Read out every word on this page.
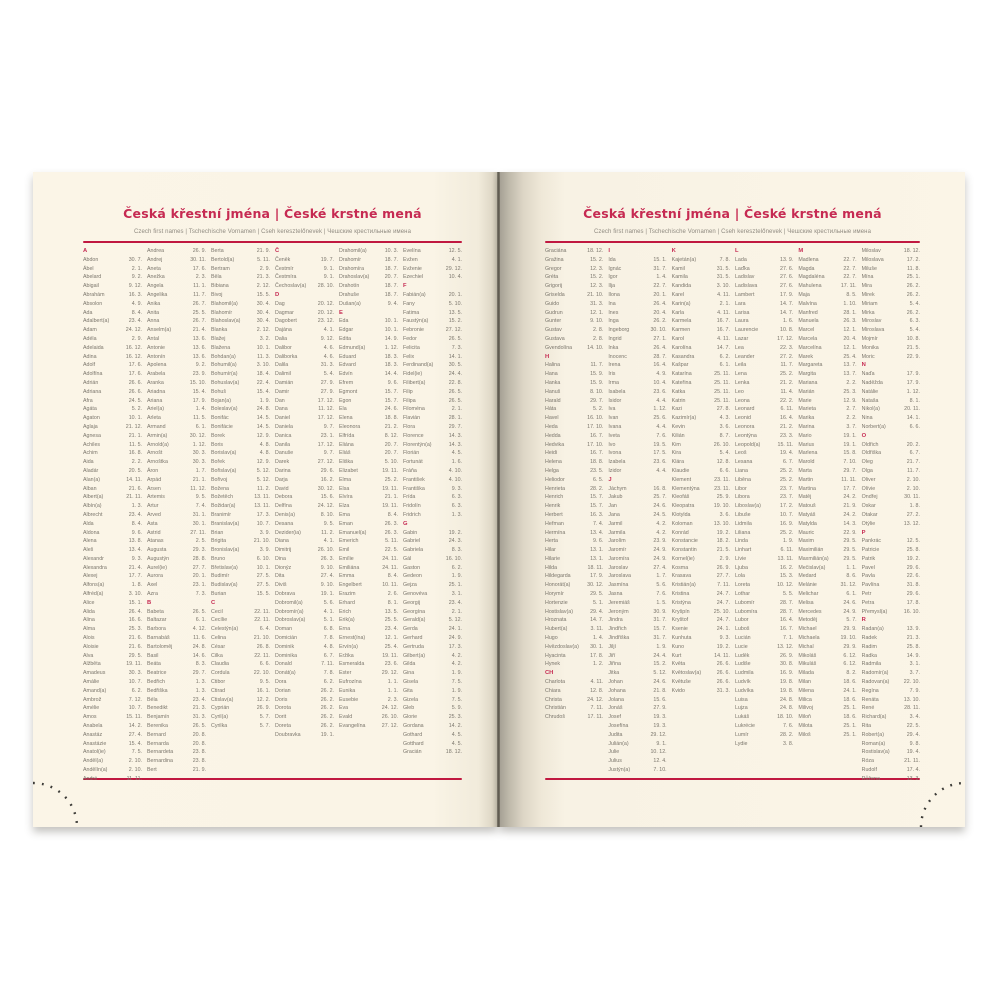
Česká křestní jména | České krstné mená
Czech first names | Tschechische Vornamen | Cseh keresztelőnevek | Чешские крестильные имена
A
Abdon	30. 7.
Ábel	2. 1.
Abelard	9. 2.
Abigail	9. 12.
Abrahám	16. 3.
Absolon	4. 9.
Ada	8. 4.
Adalbert(a)	23. 4.
Adam	24. 12.
Adéla	2. 9.
Adelaida	16. 12.
Adina	16. 12.
Adolf	17. 6.
Adolfína	17. 6.
Adrián	26. 6.
Adriana	26. 6.
Afra	24. 5.
Agáta	5. 2.
Agaton	10. 1.
Aglaja	21. 12.
Agnesa	21. 1.
Achiles	11. 5.
Achim	16. 8.
Aida	2. 2.
Aladár	20. 5.
Alan(a)	14. 11.
Alban	21. 6.
Albert(a)	21. 11.
Albín(a)	1. 3.
Albrecht	23. 4.
Alda	8. 4.
Aldona	9. 6.
Alena	13. 8.
Aleš	13. 4.
Alexandr	9. 3.
Alexandra	21. 4.
Alexej	17. 7.
Alfons(a)	1. 8.
Alfréd(a)	3. 10.
Alice	15. 1.
Alida	26. 4.
Alina	16. 6.
Alma	25. 3.
Alois	21. 6.
Aloisie	21. 6.
Alva	29. 5.
Alžběta	19. 11.
Amadeus	30. 3.
Amálie	10. 7.
Amand(a)	6. 2.
Ambrož	7. 12.
Amélie	10. 7.
Amos	15. 11.
Anabela	14. 2.
Anastáz	27. 4.
Anastázie	15. 4.
Anatol(ie)	7. 5.
Anděl(a)	2. 10.
Andělín(a)	2. 10.
André	11. 11.
Andrea	26. 9.
Andrej	30. 11.
Aneta	17. 6.
Anežka	2. 3.
Angela	11. 1.
Angelika	11. 7.
Anika	26. 7.
Anita	25. 5.
Anna	26. 7.
Anselm(a)	21. 4.
Antal	13. 6.
Antonie	13. 6.
Antonín	13. 6.
Apolena	9. 2.
Arabela	23. 9.
Aranka	15. 10.
Ariadna	15. 4.
Ariana	17. 9.
Ariel(a)	1. 4.
Arleta	11. 5.
Armand	6. 1.
Armin(a)	30. 12.
Arnold(a)	1. 12.
Arnošt	30. 3.
Arnoštka	30. 3.
Áron	1. 7.
Arpád	21. 1.
Arsen	11. 12.
Artemis	9. 5.
Artur	7. 4.
Arved	31. 1.
Asta	30. 1.
Astrid	27. 11.
Atanas	2. 5.
Augusta	29. 3.
Augustýn	28. 8.
Aurel(ie)	27. 7.
Aurora	20. 1.
Axel	23. 1.
Azra	7. 3.
B
Babeta	26. 5.
Baltazar	6. 1.
Barbora	4. 12.
Barnabáš	11. 6.
Bartoloměj	24. 8.
Basil	14. 6.
Beáta	8. 3.
Beatrice	29. 7.
Bedřich	1. 3.
Bedřiška	1. 3.
Béla	23. 4.
Benedikt	21. 3.
Benjamín	31. 3.
Berenika	26. 5.
Bernard	20. 8.
Bernarda	20. 8.
Bernardeta	23. 8.
Bernardina	23. 8.
Bert	21. 9.
Berta	21. 9.
Bertold(a)	5. 11.
Bertram	2. 9.
Běla	21. 3.
Bibiana	2. 12.
Bivoj	15. 5.
Blahomil(a)	30. 4.
Blahomír	30. 4.
Blahoslav(a)	30. 4.
Blanka	2. 12.
Blažej	3. 2.
Blažena	10. 1.
Bohdan(a)	11. 3.
Bohumil(a)	3. 10.
Bohumír(a)	18. 4.
Bohuslav(a)	22. 4.
Bohuš	15. 4.
Bojan(a)	1. 9.
Boleslav(a)	24. 8.
Bonifác	14. 5.
Bonifácie	14. 5.
Borek	12. 9.
Boris	4. 8.
Borislav(a)	4. 8.
Bořek	12. 9.
Bořislav(a)	5. 12.
Bořivoj	5. 12.
Božena	11. 2.
Božetěch	13. 11.
Božidar(a)	13. 11.
Branimír	17. 3.
Branislav(a)	10. 7.
Brian	3. 9.
Brigita	21. 10.
Bronislav(a)	3. 9.
Bruno	6. 10.
Břetislav(a)	10. 1.
Budimír	27. 5.
Budislav(a)	27. 5.
Burian	15. 5.
C
Cecil	22. 11.
Cecílie	22. 11.
Celestýn(a)	6. 4.
Celina	21. 10.
César	26. 8.
Cilka	22. 11.
Claudia	6. 6.
Cordula	22. 10.
Ctibor	9. 5.
Ctirad	16. 1.
Ctislav(a)	12. 2.
Cyprián	26. 9.
Cyril(a)	5. 7.
Cyrilka	5. 7.
Č
Čeněk	19. 7.
Čestmír	9. 1.
Čestmíra	9. 1.
Čechoslav(a) 28. 10.
D
Dag	20. 12.
Dagmar	20. 12.
Dagobert	23. 12.
Dajána	4. 1.
Dalia	9. 12.
Dalibor	4. 6.
Daliborka	4. 6.
Dalila	31. 3.
Dalimil	5. 4.
Damián	27. 9.
Damir	27. 9.
Dan	17. 12.
Dana	11. 12.
Daniel	17. 12.
Daniela	9. 7.
Danica	23. 1.
Danila	17. 12.
Danuše	9. 7.
Darek	27. 12.
Darina	29. 6.
Darja	16. 2.
David	30. 12.
Debora	15. 6.
Delfína	24. 12.
Denis(a)	8. 10.
Desana	9. 5.
Dezider(ia)	11. 2.
Diana	4. 1.
Dimitrij	26. 10.
Dina	26. 3.
Dionýz	9. 10.
Dita	27. 4.
Diviš	9. 10.
Dobrava	19. 1.
Dobromil(a)	5. 6.
Dobromír(a)	4. 1.
Dobroslav(a)	5. 1.
Doman	6. 8.
Domicián	7. 8.
Dominik	4. 8.
Dominika	6. 7.
Donald	7. 11.
Donát(a)	7. 8.
Dora	6. 2.
Dorian	26. 2.
Doris	26. 2.
Dorota	26. 2.
Dorit	26. 2.
Doreta	26. 2.
Doubravka	19. 1.
Drahomil(a)	10. 3.
Drahomír	18. 7.
Drahomíra	18. 7.
Drahoslav(a)	20. 7.
Drahotín	18. 7.
Drahuše	18. 7.
Dušan(a)	9. 4.
E
Eda	10. 1.
Edgar	10. 1.
Edita	14. 9.
Edmund(a)	1. 12.
Eduard	18. 3.
Edvard	18. 3.
Edvín	14. 4.
Efrem	9. 6.
Egmont	15. 7.
Egon	15. 7.
Ela	24. 6.
Elena	18. 8.
Eleonora	21. 2.
Elfrída	8. 12.
Eliána	20. 7.
Eliáš	20. 7.
Eliška	5. 10.
Elizabet	19. 11.
Elma	25. 2.
Elsa	19. 11.
Elvíra	21. 1.
Elza	19. 11.
Ema	8. 4.
Eman	26. 3.
Emanuel(a)	26. 3.
Emerich	5. 11.
Emil	22. 5.
Emílie	24. 11.
Emiliána	24. 11.
Emma	8. 4.
Engelbert	10. 11.
Erazim	2. 6.
Erhard	8. 1.
Erich	13. 5.
Erik(a)	25. 5.
Erna	23. 4.
Ernest(ína)	12. 1.
Ervín(a)	25. 4.
Eržika	19. 11.
Esmeralda	23. 6.
Ester	29. 12.
Eufrozína	1. 1.
Eunika	1. 1.
Eusebie	2. 3.
Eva	24. 12.
Evald	26. 10.
Evangelína	27. 12.
Evelína	12. 5.
Evžen	4. 1.
Evženie	29. 12.
Ezechiel	10. 4.
F
Fabián(a)	20. 1.
Fany	5. 10.
Fatima	13. 5.
Faustýn(a)	15. 2.
Febronie	27. 12.
Fedor	26. 5.
Felicita	7. 3.
Felix	14. 1.
Ferdinand(a)	30. 5.
Fidel(ie)	24. 4.
Filibert(a)	22. 8.
Filip	26. 5.
Filipa	26. 5.
Filoména	2. 1.
Flavián	28. 1.
Flora	29. 7.
Florence	14. 3.
Florentýn(a)	14. 3.
Florián	4. 5.
Fortunát	1. 6.
Fráňa	4. 10.
František	4. 10.
Františka	9. 3.
Frída	6. 3.
Fridolín	6. 3.
Fridrich	1. 3.
G
Gabin	19. 2.
Gabriel	24. 3.
Gabriela	8. 3.
Gál	16. 10.
Gaston	6. 2.
Gedeon	1. 9.
Gejza	25. 1.
Genovéva	3. 1.
Georgij	23. 4.
Georgína	2. 1.
Gerald(a)	5. 12.
Gerda	24. 1.
Gerhard	24. 9.
Gertruda	17. 3.
Gilbert(a)	4. 2.
Gilda	4. 2.
Gina	1. 9.
Gisela	7. 5.
Gita	1. 9.
Gizela	7. 5.
Gleb	5. 9.
Glorie	25. 3.
Gordana	14. 2.
Gothard	4. 5.
Gotthard	4. 5.
Gracián	18. 12.
Česká křestní jména | České krstné mená
Czech first names | Tschechische Vornamen | Cseh keresztelőnevek | Чешские крестильные имена
Graciána	18. 12.
Gražina	15. 2.
Gregor	12. 3.
Gréta	15. 2.
Grigorij	12. 3.
Griselda	21. 10.
Guido	31. 3.
Gudrun	12. 1.
Gunter	9. 10.
Gustav	2. 8.
Gustava	2. 8.
Gvendolína	14. 10.
H
Halina	11. 7.
Hana	15. 9.
Hanka	15. 9.
Hanuš	8. 10.
Harald	29. 7.
Háta	5. 2.
Havel	16. 10.
Heda	17. 10.
Hedda	16. 7.
Hedvika	17. 10.
Heidi	16. 7.
Helena	18. 8.
Helga	23. 5.
Heliodor	6. 5.
Henrieta	28. 2.
Henrich	15. 7.
Henrik	15. 7.
Herbert	16. 3.
Heřman	7. 4.
Hermína	13. 4.
Herta	9. 6.
Hilar	13. 1.
Hilarie	13. 1.
Hilda	18. 11.
Hildegarda	17. 9.
Honorát(a)	30. 12.
Horymír	29. 5.
Hortenzie	5. 1.
Hostislav(a)	29. 4.
Hroznata	14. 7.
Hubert(a)	3. 11.
Hugo	1. 4.
Hvězdoslav(a) 30. 1.
Hyacinta	17. 8.
Hynek	1. 2.
CH
Charlota	4. 11.
Chiara	12. 8.
Christa	24. 12.
Christián	7. 11.
Chrudoš	17. 11.
I
Ida	15. 1.
Ignác	31. 7.
Igor	1. 4.
Ilja	22. 7.
Ilona	20. 1.
Ina	26. 4.
Ines	20. 4.
Inga	26. 2.
Ingeborg	30. 10.
Ingrid	27. 1.
Inka	26. 4.
Inocenc	28. 7.
Irena	16. 4.
Iris	4. 9.
Irma	10. 4.
Isabela	23. 6.
Isidor	4. 4.
Iva	1. 12.
Ivan	25. 6.
Ivana	4. 4.
Iveta	7. 6.
Ivo	19. 5.
Ivona	17. 5.
Izabela	23. 6.
Izidor	4. 4.
J
Jáchym	16. 8.
Jakub	25. 7.
Jan	24. 6.
Jana	24. 5.
Jarmil	4. 2.
Jarmila	4. 2.
Jarolím	23. 9.
Jaromír	24. 9.
Jaromíra	24. 9.
Jaroslav	27. 4.
Jaroslava	1. 7.
Jasmína	5. 6.
Jasna	7. 6.
Jeremiáš	1. 5.
Jeroným	30. 9.
Jindra	31. 7.
Jindřich	15. 7.
Jindřiška	31. 7.
Jiljí	1. 9.
Jiří	24. 4.
Jiřina	15. 2.
Jitka	5. 12.
Johan	24. 6.
Johana	21. 8.
Jolana	15. 6.
Jonáš	27. 9.
Josef	19. 3.
Josefína	19. 3.
Judita	29. 12.
Julián(a)	9. 1.
Julie	10. 12.
Julius	12. 4.
Justýn(a)	7. 10.
K
Kajetán(a)	7. 8.
Kamil	31. 5.
Kamila	31. 5.
Kandida	3. 10.
Karel	4. 11.
Karin(a)	2. 1.
Karla	4. 11.
Karmela	16. 7.
Karmen	16. 7.
Karol	4. 11.
Karolína	14. 7.
Kasandra	6. 2.
Kašpar	6. 1.
Katarína	25. 11.
Kateřina	25. 11.
Katka	25. 11.
Katrin	25. 11.
Kazi	27. 8.
Kazimír(a)	4. 3.
Kevin	3. 6.
Kilián	8. 7.
Kim	26. 10.
Kira	5. 4.
Klára	12. 8.
Klaudie	6. 6.
Klement	23. 11.
Klementýna	23. 11.
Kleofáš	25. 9.
Kleopatra	19. 10.
Klotylda	3. 6.
Koloman	13. 10.
Konrád	19. 2.
Konstancie	18. 2.
Konstantin	21. 5.
Kornel(ie)	2. 9.
Kosma	26. 9.
Krasava	27. 7.
Kristián(a)	7. 11.
Kristina	24. 7.
Kristýna	24. 7.
Kryšpín	25. 10.
Kryštof	24. 7.
Ksenie	24. 1.
Kunhuta	9. 3.
Kuno	19. 2.
Kurt	14. 11.
Květa	26. 6.
Květoslav(a)	26. 6.
Květuše	26. 6.
Kvido	31. 3.
L
Lada	13. 9.
Laďka	27. 6.
Ladislav	27. 6.
Ladislava	27. 6.
Lambert	17. 9.
Lara	14. 7.
Larisa	14. 7.
Laura	1. 6.
Laurencie	10. 8.
Lazar	17. 12.
Lea	22. 3.
Leander	27. 2.
Leila	11. 7.
Lena	25. 2.
Lenka	21. 2.
Leo	11. 4.
Leona	22. 2.
Leonard	6. 11.
Leonid	16. 4.
Leonora	21. 2.
Leontýna	23. 3.
Leopold(a)	15. 11.
Leoš	19. 4.
Lesana	6. 7.
Liana	25. 2.
Liběna	25. 2.
Libor	23. 7.
Libora	23. 7.
Liboslav(a)	17. 2.
Libuše	10. 7.
Lidmila	16. 9.
Liliana	25. 2.
Linda	1. 9.
Linhart	6. 11.
Lívie	13. 11.
Ljuba	16. 2.
Lola	15. 3.
Loreta	10. 12.
Lothar	5. 5.
Lubomír	28. 7.
Lubomíra	28. 7.
Lubor	16. 4.
Luboš	16. 7.
Lucián	7. 1.
Lucie	13. 12.
Luděk	26. 9.
Ludiše	30. 8.
Ludmila	16. 9.
Ludvík	19. 8.
Ludvíka	19. 8.
Luisa	24. 8.
Lujza	24. 8.
Lukáš	18. 10.
Lukrécie	7. 6.
Lumír	28. 2.
Lydie	3. 8.
M
Madlena	22. 7.
Magda	22. 7.
Magdaléna	22. 7.
Mahulena	17. 11.
Maja	8. 5.
Malvína	1. 10.
Manfred	28. 1.
Manuela	26. 3.
Marcel	12. 1.
Marcela	20. 4.
Marcelína	12. 1.
Marek	25. 4.
Margareta	13. 7.
Margita	13. 7.
Mariana	2. 2.
Marián	25. 3.
Marie	12. 9.
Marieta	2. 7.
Marika	2. 2.
Marina	3. 7.
Mario	19. 1.
Marius	19. 1.
Marlena	15. 8.
Marold	7. 10.
Marta	29. 7.
Martin	11. 11.
Martina	17. 7.
Matěj	24. 2.
Matouš	21. 9.
Matyáš	24. 2.
Matylda	14. 3.
Mauric	22. 9.
Maxim	29. 5.
Maximilián	29. 5.
Maxmilián(a)	29. 5.
Mečislav(a)	1. 1.
Medard	8. 6.
Melánie	31. 12.
Melichar	6. 1.
Melisa	24. 6.
Mercedes	24. 9.
Metoděj	5. 7.
Michael	29. 9.
Michaela	19. 10.
Michal	29. 9.
Mikoláš	6. 12.
Mikuláš	6. 12.
Milada	8. 2.
Milan	18. 6.
Milena	24. 1.
Milica	18. 6.
Milivoj	25. 1.
Miloň	18. 6.
Milota	25. 1.
Miloš	25. 1.
Miloslav	18. 12.
Miloslava	17. 2.
Miluše	11. 8.
Mína	25. 1.
Mira	26. 2.
Mirek	26. 2.
Miriam	5. 4.
Mirka	26. 2.
Miroslav	6. 3.
Miroslava	5. 4.
Mojmír	10. 8.
Monika	21. 5.
Moric	22. 9.
N
Naďa	17. 9.
Naděžda	17. 9.
Natálie	1. 12.
Nataša	8. 1.
Nikol(a)	20. 11.
Nina	14. 1.
Norbert(a)	6. 6.
O
Oldřich	20. 2.
Oldřiška	6. 7.
Oleg	21. 7.
Olga	11. 7.
Oliver	2. 10.
Olívie	2. 10.
Ondřej	30. 11.
Oskar	1. 8.
Otakar	27. 2.
Otýlie	13. 12.
P
Pankrác	12. 5.
Patricie	25. 8.
Patrik	19. 2.
Pavel	29. 6.
Pavla	22. 6.
Pavlína	31. 8.
Petr	29. 6.
Petra	17. 8.
Přemysl(a)	16. 10.
R
Radan(a)	13. 9.
Radek	21. 3.
Radim	25. 8.
Radka	14. 9.
Radmila	3. 1.
Radomír(a)	3. 7.
Radovan(a)	22. 10.
Regína	7. 9.
Renáta	13. 10.
René	28. 11.
Richard(a)	3. 4.
Rita	22. 5.
Robert(a)	29. 4.
Roman(a)	9. 8.
Rostislav(a)	19. 4.
Róza	21. 11.
Rudolf	17. 4.
Růžena	13. 3.
